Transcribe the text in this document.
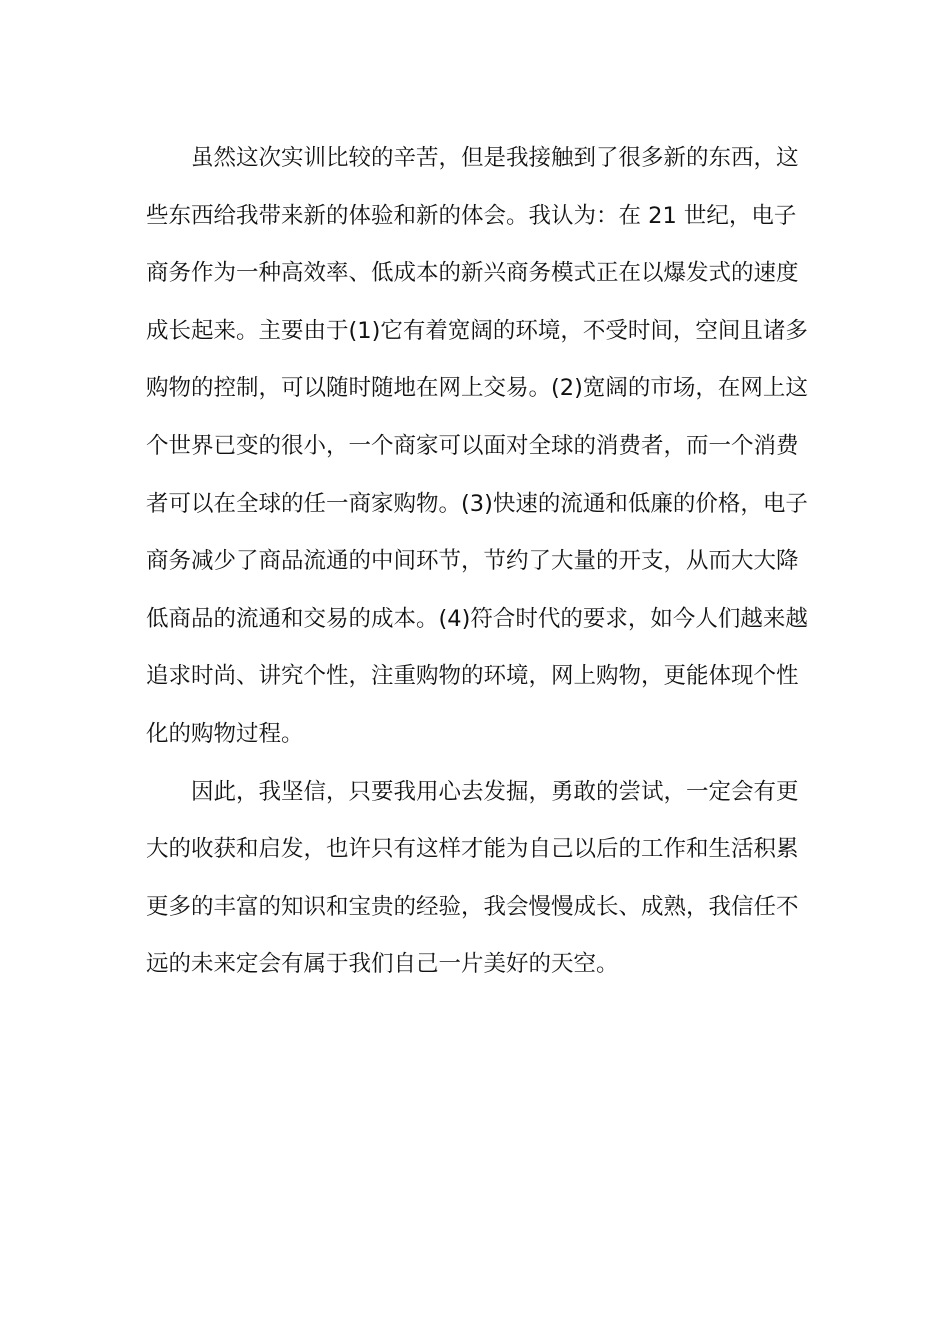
虽然这次实训比较的辛苦，但是我接触到了很多新的东西，这
些东西给我带来新的体验和新的体会。我认为：在 21 世纪，电子
商务作为一种高效率、低成本的新兴商务模式正在以爆发式的速度
成长起来。主要由于(1)它有着宽阔的环境，不受时间，空间且诸多
购物的控制，可以随时随地在网上交易。(2)宽阔的市场，在网上这
个世界已变的很小，一个商家可以面对全球的消费者，而一个消费
者可以在全球的任一商家购物。(3)快速的流通和低廉的价格，电子
商务减少了商品流通的中间环节，节约了大量的开支，从而大大降
低商品的流通和交易的成本。(4)符合时代的要求，如今人们越来越
追求时尚、讲究个性，注重购物的环境，网上购物，更能体现个性
化的购物过程。
因此，我坚信，只要我用心去发掘，勇敢的尝试，一定会有更
大的收获和启发，也许只有这样才能为自己以后的工作和生活积累
更多的丰富的知识和宝贵的经验，我会慢慢成长、成熟，我信任不
远的未来定会有属于我们自己一片美好的天空。
